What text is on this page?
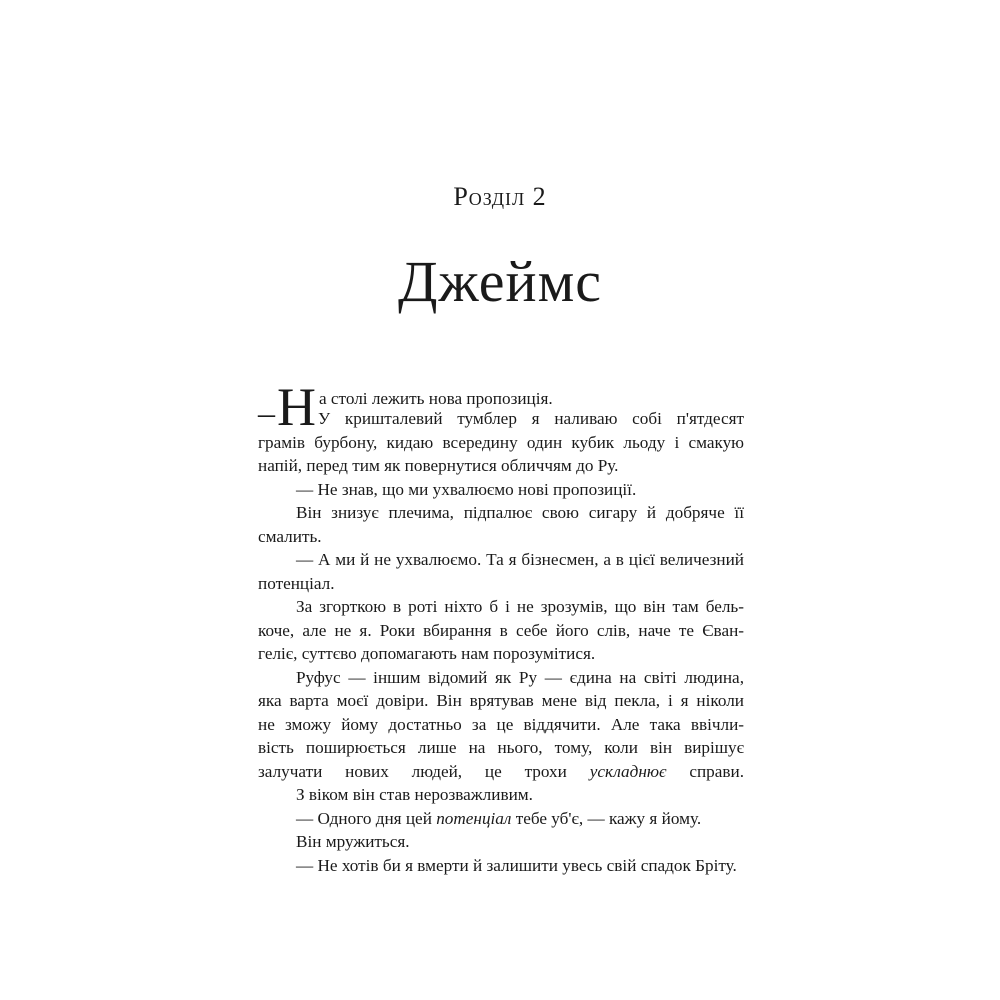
Розділ 2
Джеймс
– Н а столі лежить нова пропозиція.
У кришталевий тумблер я наливаю собі п'ятдесят
грамів бурбону, кидаю всередину один кубик льоду і смакую
напій, перед тим як повернутися обличчям до Ру.
— Не знав, що ми ухвалюємо нові пропозиції.
Він знизує плечима, підпалює свою сигару й добряче її
смалить.
— А ми й не ухвалюємо. Та я бізнесмен, а в цієї величезний
потенціал.
За згорткою в роті ніхто б і не зрозумів, що він там бель-
коче, але не я. Роки вбирання в себе його слів, наче те Єван-
геліє, суттєво допомагають нам порозумітися.
Руфус — іншим відомий як Ру — єдина на світі людина,
яка варта моєї довіри. Він врятував мене від пекла, і я ніколи
не зможу йому достатньо за це віддячити. Але така ввічли-
вість поширюється лише на нього, тому, коли він вирішує
залучати нових людей, це трохи ускладнює справи.
З віком він став нерозважливим.
— Одного дня цей потенціал тебе уб'є, — кажу я йому.
Він мружиться.
— Не хотів би я вмерти й залишити увесь свій спадок Бріту.
